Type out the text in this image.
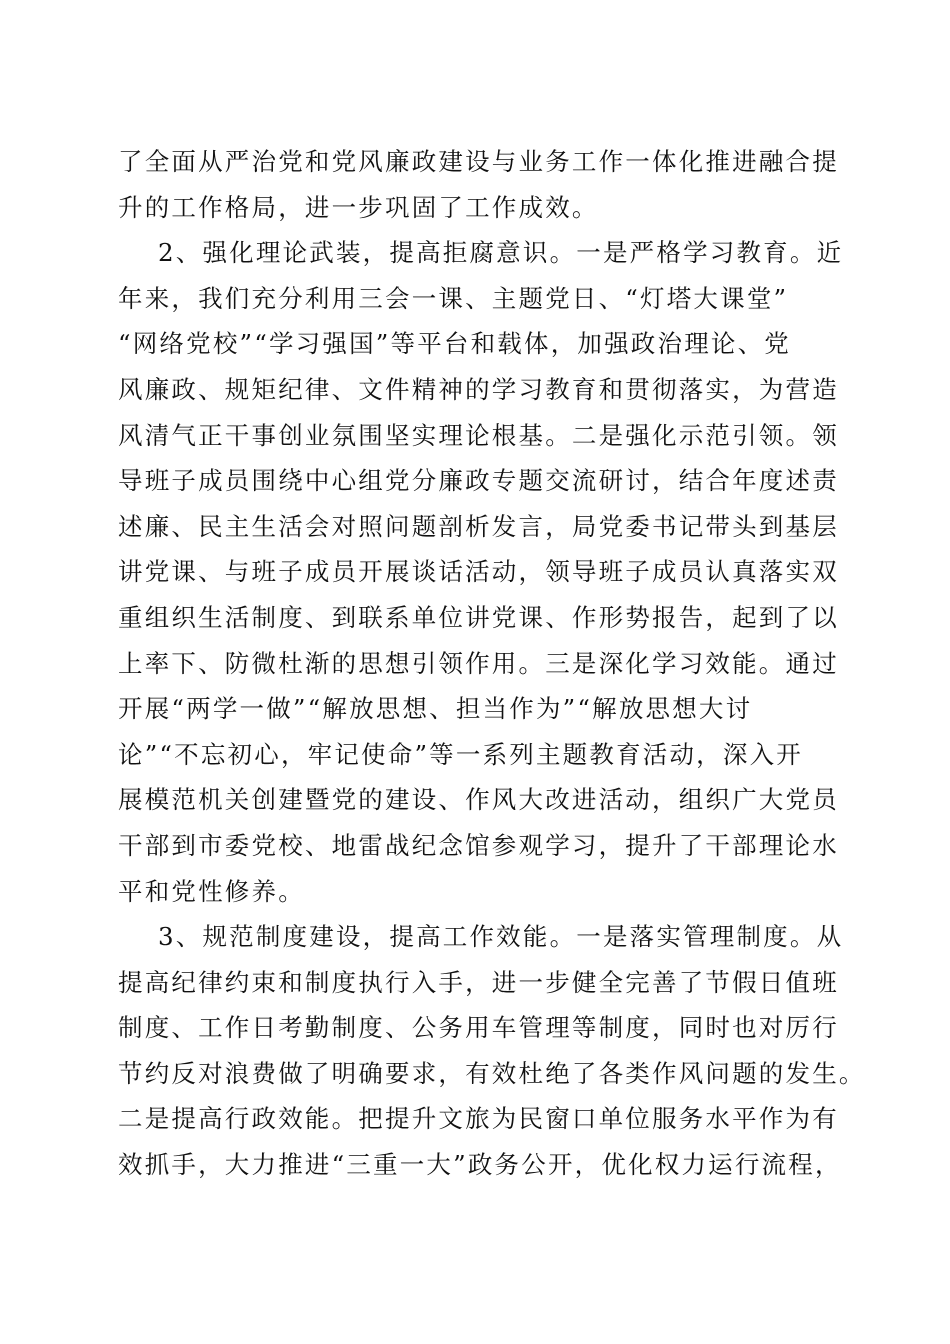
了全面从严治党和党风廉政建设与业务工作一体化推进融合提
升的工作格局，进一步巩固了工作成效。
2、强化理论武装，提高拒腐意识。一是严格学习教育。近
年来，我们充分利用三会一课、主题党日、“灯塔大课堂”
“网络党校”“学习强国”等平台和载体，加强政治理论、党
风廉政、规矩纪律、文件精神的学习教育和贯彻落实，为营造
风清气正干事创业氛围坚实理论根基。二是强化示范引领。领
导班子成员围绕中心组党分廉政专题交流研讨，结合年度述责
述廉、民主生活会对照问题剖析发言，局党委书记带头到基层
讲党课、与班子成员开展谈话活动，领导班子成员认真落实双
重组织生活制度、到联系单位讲党课、作形势报告，起到了以
上率下、防微杜渐的思想引领作用。三是深化学习效能。通过
开展“两学一做”“解放思想、担当作为”“解放思想大讨
论”“不忘初心，牢记使命”等一系列主题教育活动，深入开
展模范机关创建暨党的建设、作风大改进活动，组织广大党员
干部到市委党校、地雷战纪念馆参观学习，提升了干部理论水
平和党性修养。
3、规范制度建设，提高工作效能。一是落实管理制度。从
提高纪律约束和制度执行入手，进一步健全完善了节假日值班
制度、工作日考勤制度、公务用车管理等制度，同时也对厉行
节约反对浪费做了明确要求，有效杜绝了各类作风问题的发生。
二是提高行政效能。把提升文旅为民窗口单位服务水平作为有
效抓手，大力推进“三重一大”政务公开，优化权力运行流程，
